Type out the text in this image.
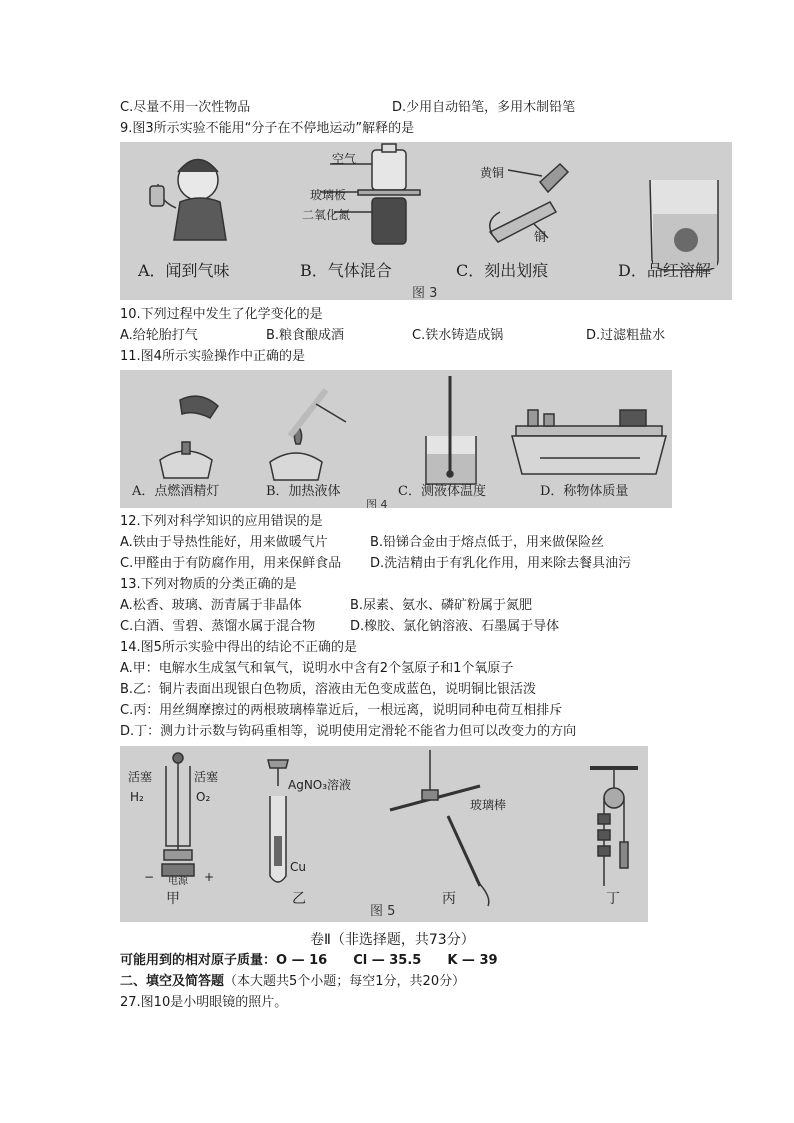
C.尽量不用一次性物品	D.少用自动铅笔，多用木制铅笔
9.图3所示实验不能用“分子在不停地运动”解释的是
空气
玻璃板
二氧化氮
黄铜
铜
A．闻到气味	B．气体混合	C．刻出划痕	D．品红溶解
图 3
10.下列过程中发生了化学变化的是
A.给轮胎打气	B.粮食酿成酒	C.铁水铸造成锅	D.过滤粗盐水
11.图4所示实验操作中正确的是
A．点燃酒精灯	B．加热液体	C．测液体温度	D．称物体质量
图 4
12.下列对科学知识的应用错误的是
A.铁由于导热性能好，用来做暖气片	B.铅锑合金由于熔点低于，用来做保险丝
C.甲醛由于有防腐作用，用来保鲜食品 D.洗洁精由于有乳化作用，用来除去餐具油污
13.下列对物质的分类正确的是
A.松香、玻璃、沥青属于非晶体	B.尿素、氨水、磷矿粉属于氮肥
C.白酒、雪碧、蒸馏水属于混合物	D.橡胶、氯化钠溶液、石墨属于导体
14.图5所示实验中得出的结论不正确的是
A.甲：电解水生成氢气和氧气，说明水中含有2个氢原子和1个氧原子
B.乙：铜片表面出现银白色物质，溶液由无色变成蓝色，说明铜比银活泼
C.丙：用丝绸摩擦过的两根玻璃棒靠近后，一根远离，说明同种电荷互相排斥
D.丁：测力计示数与钩码重相等，说明使用定滑轮不能省力但可以改变力的方向
活塞	活塞
H₂	O₂
电源
−	+
AgNO₃溶液
Cu
玻璃棒
甲	乙	丙	丁
图 5
卷Ⅱ（非选择题，共73分）
可能用到的相对原子质量：O — 16　　Cl — 35.5　　K — 39
二、填空及简答题（本大题共5个小题；每空1分，共20分）
27.图10是小明眼镜的照片。
